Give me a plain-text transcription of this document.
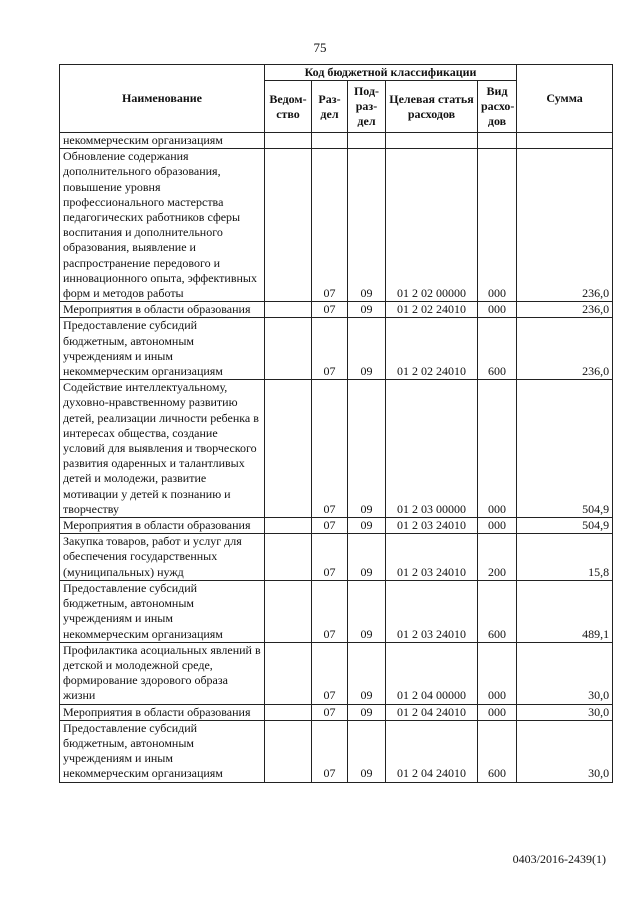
75
Наименование	Код бюджетной классификации					Сумма
	Ведом-ство	Раз-дел	Под-раз-дел	Целевая статья расходов	Вид расхо-дов	
некоммерческим организациям						
Обновление содержания дополнительного образования, повышение уровня профессионального мастерства педагогических работников сферы воспитания и дополнительного образования, выявление и распространение передового и инновационного опыта, эффективных форм и методов работы		07	09	01 2 02 00000	000	236,0
Мероприятия в области образования		07	09	01 2 02 24010	000	236,0
Предоставление субсидий бюджетным, автономным учреждениям и иным некоммерческим организациям		07	09	01 2 02 24010	600	236,0
Содействие интеллектуальному, духовно-нравственному развитию детей, реализации личности ребенка в интересах общества, создание условий для выявления и творческого развития одаренных и талантливых детей и молодежи, развитие мотивации у детей к познанию и творчеству		07	09	01 2 03 00000	000	504,9
Мероприятия в области образования		07	09	01 2 03 24010	000	504,9
Закупка товаров, работ и услуг для обеспечения государственных (муниципальных) нужд		07	09	01 2 03 24010	200	15,8
Предоставление субсидий бюджетным, автономным учреждениям и иным некоммерческим организациям		07	09	01 2 03 24010	600	489,1
Профилактика асоциальных явлений в детской и молодежной среде, формирование здорового образа жизни		07	09	01 2 04 00000	000	30,0
Мероприятия в области образования		07	09	01 2 04 24010	000	30,0
Предоставление субсидий бюджетным, автономным учреждениям и иным некоммерческим организациям		07	09	01 2 04 24010	600	30,0
0403/2016-2439(1)
